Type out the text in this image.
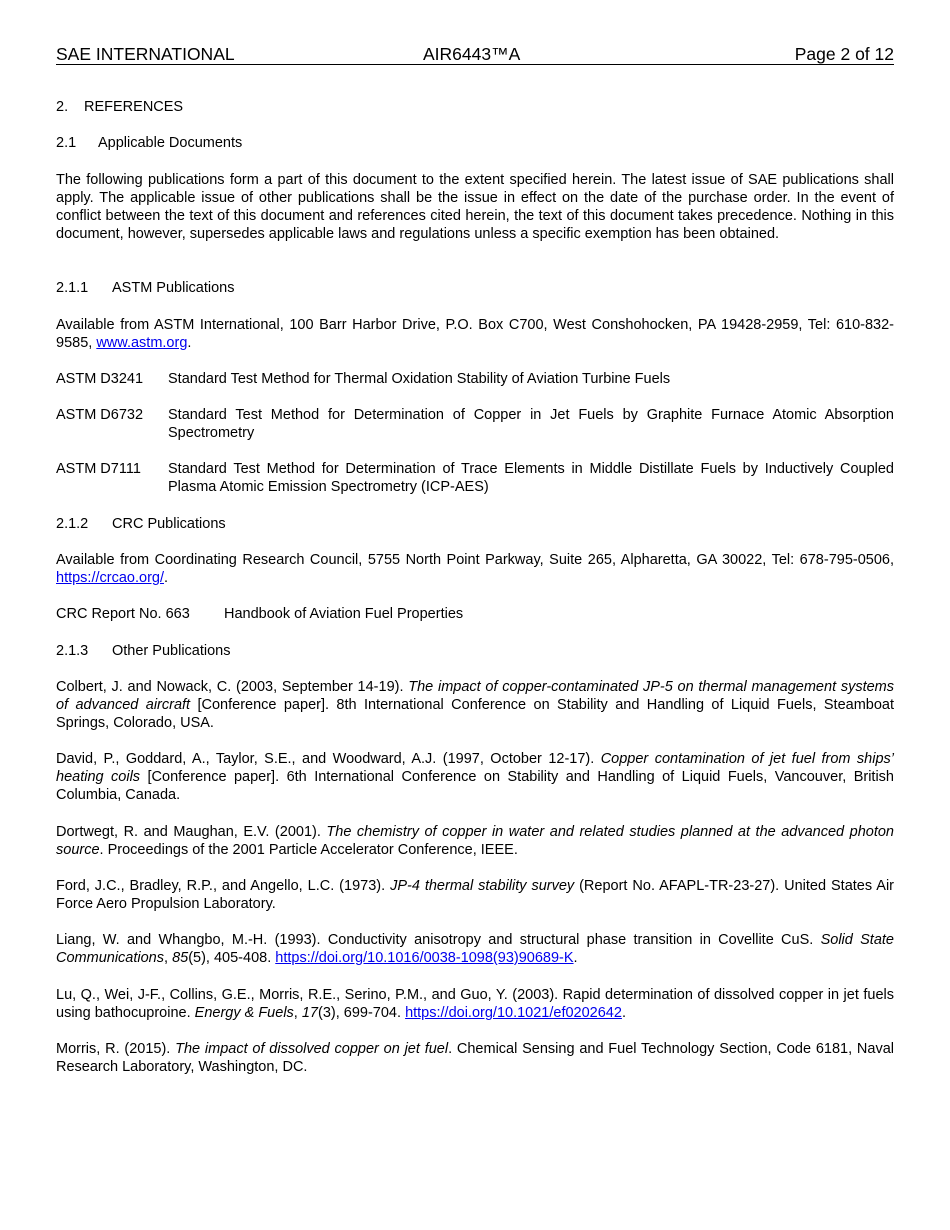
SAE INTERNATIONAL	AIR6443™A	Page 2 of 12
2. REFERENCES
2.1 Applicable Documents
The following publications form a part of this document to the extent specified herein. The latest issue of SAE publications shall apply. The applicable issue of other publications shall be the issue in effect on the date of the purchase order. In the event of conflict between the text of this document and references cited herein, the text of this document takes precedence. Nothing in this document, however, supersedes applicable laws and regulations unless a specific exemption has been obtained.
2.1.1 ASTM Publications
Available from ASTM International, 100 Barr Harbor Drive, P.O. Box C700, West Conshohocken, PA 19428-2959, Tel: 610-832-9585, www.astm.org.
ASTM D3241	Standard Test Method for Thermal Oxidation Stability of Aviation Turbine Fuels
ASTM D6732	Standard Test Method for Determination of Copper in Jet Fuels by Graphite Furnace Atomic Absorption Spectrometry
ASTM D7111	Standard Test Method for Determination of Trace Elements in Middle Distillate Fuels by Inductively Coupled Plasma Atomic Emission Spectrometry (ICP-AES)
2.1.2 CRC Publications
Available from Coordinating Research Council, 5755 North Point Parkway, Suite 265, Alpharetta, GA 30022, Tel: 678-795-0506, https://crcao.org/.
CRC Report No. 663	Handbook of Aviation Fuel Properties
2.1.3 Other Publications
Colbert, J. and Nowack, C. (2003, September 14-19). The impact of copper-contaminated JP-5 on thermal management systems of advanced aircraft [Conference paper]. 8th International Conference on Stability and Handling of Liquid Fuels, Steamboat Springs, Colorado, USA.
David, P., Goddard, A., Taylor, S.E., and Woodward, A.J. (1997, October 12-17). Copper contamination of jet fuel from ships’ heating coils [Conference paper]. 6th International Conference on Stability and Handling of Liquid Fuels, Vancouver, British Columbia, Canada.
Dortwegt, R. and Maughan, E.V. (2001). The chemistry of copper in water and related studies planned at the advanced photon source. Proceedings of the 2001 Particle Accelerator Conference, IEEE.
Ford, J.C., Bradley, R.P., and Angello, L.C. (1973). JP-4 thermal stability survey (Report No. AFAPL-TR-23-27). United States Air Force Aero Propulsion Laboratory.
Liang, W. and Whangbo, M.-H. (1993). Conductivity anisotropy and structural phase transition in Covellite CuS. Solid State Communications, 85(5), 405-408. https://doi.org/10.1016/0038-1098(93)90689-K.
Lu, Q., Wei, J-F., Collins, G.E., Morris, R.E., Serino, P.M., and Guo, Y. (2003). Rapid determination of dissolved copper in jet fuels using bathocuproine. Energy & Fuels, 17(3), 699-704. https://doi.org/10.1021/ef0202642.
Morris, R. (2015). The impact of dissolved copper on jet fuel. Chemical Sensing and Fuel Technology Section, Code 6181, Naval Research Laboratory, Washington, DC.
